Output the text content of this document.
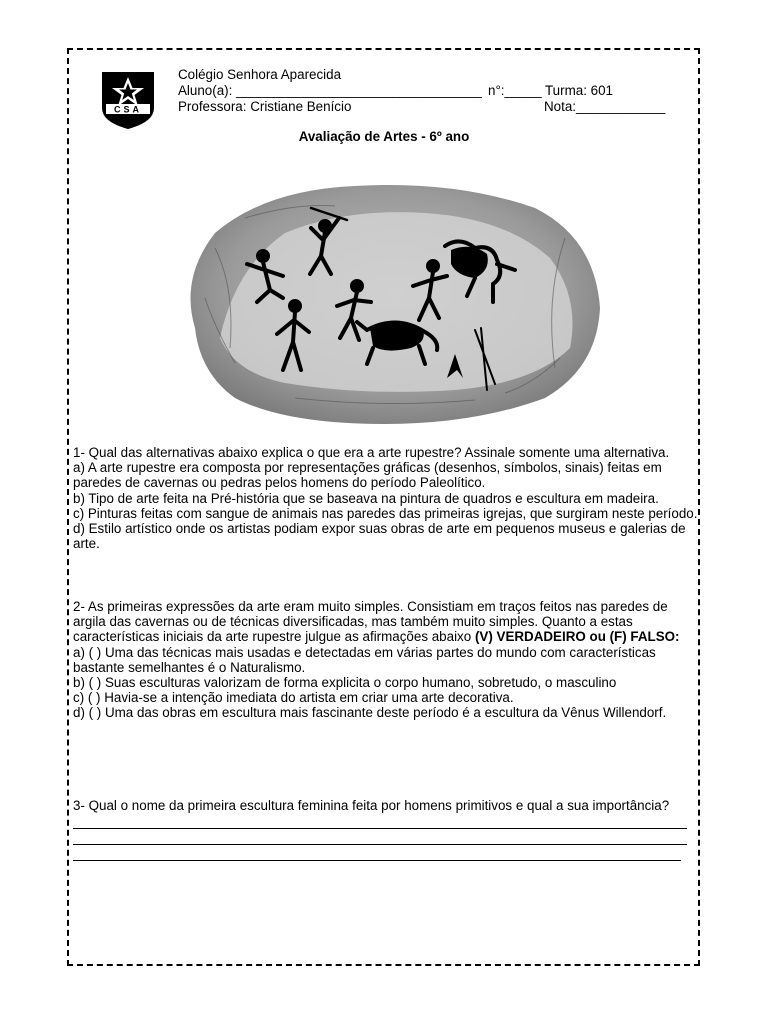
CSA
Colégio Senhora Aparecida
Aluno(a): _________________________________ n°:_____ Turma: 601
Professora: Cristiane Benício	Nota:____________
Avaliação de Artes - 6º ano

1- Qual das alternativas abaixo explica o que era a arte rupestre? Assinale somente uma alternativa.

a) A arte rupestre era composta por representações gráficas (desenhos, símbolos, sinais) feitas em paredes de cavernas ou pedras pelos homens do período Paleolítico.

b) Tipo de arte feita na Pré-história que se baseava na pintura de quadros e escultura em madeira.

c) Pinturas feitas com sangue de animais nas paredes das primeiras igrejas, que surgiram neste período.

d) Estilo artístico onde os artistas podiam expor suas obras de arte em pequenos museus e galerias de arte.

2- As primeiras expressões da arte eram muito simples. Consistiam em traços feitos nas paredes de argila das cavernas ou de técnicas diversificadas, mas também muito simples. Quanto a estas características iniciais da arte rupestre julgue as afirmações abaixo (V) VERDADEIRO ou (F) FALSO:

a) ( ) Uma das técnicas mais usadas e detectadas em várias partes do mundo com características bastante semelhantes é o Naturalismo.

b) ( ) Suas esculturas valorizam de forma explicita o corpo humano, sobretudo, o masculino

c) ( ) Havia-se a intenção imediata do artista em criar uma arte decorativa.

d) ( ) Uma das obras em escultura mais fascinante deste período é a escultura da Vênus Willendorf.

3- Qual o nome da primeira escultura feminina feita por homens primitivos e qual a sua importância?
